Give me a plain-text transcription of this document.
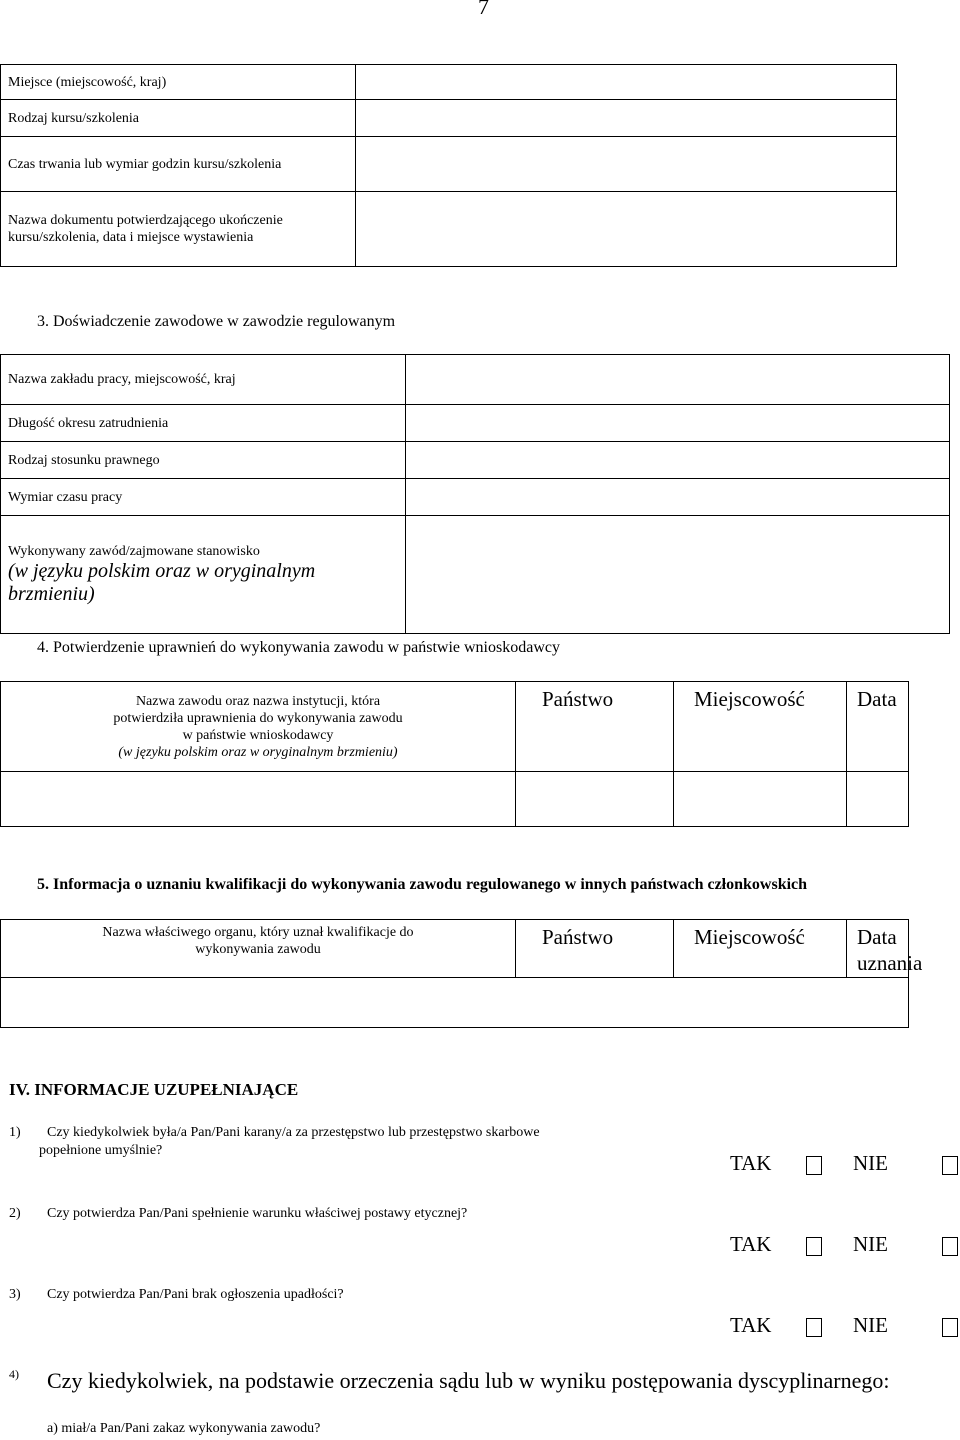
7
Miejsce (miejscowość, kraj)	
Rodzaj kursu/szkolenia	
Czas trwania lub wymiar godzin kursu/szkolenia	
Nazwa dokumentu potwierdzającego ukończenie kursu/szkolenia, data i miejsce wystawienia	
3. Doświadczenie zawodowe w zawodzie regulowanym
Nazwa zakładu pracy, miejscowość, kraj	
Długość okresu zatrudnienia	
Rodzaj stosunku prawnego	
Wymiar czasu pracy	

Wykonywany zawód/zajmowane stanowisko
(w języku polskim oraz w oryginalnym brzmieniu)	

4. Potwierdzenie uprawnień do wykonywania zawodu w państwie wnioskodawcy
Nazwa zawodu oraz nazwa instytucji, która
potwierdziła uprawnienia do wykonywania zawodu
w państwie wnioskodawcy
(w języku polskim oraz w oryginalnym brzmieniu)	Państwo	Miejscowość	Data

5. Informacja o uznaniu kwalifikacji do wykonywania zawodu regulowanego w innych państwach członkowskich
Nazwa właściwego organu, który uznał kwalifikacje do
wykonywania zawodu
	Państwo	Miejscowość	Data
uznania

IV. INFORMACJE UZUPEŁNIAJĄCE
1) Czy kiedykolwiek była/a Pan/Pani karany/a za przestępstwo lub przestępstwo skarbowe
popełnione umyślnie?
TAK	NIE
2) Czy potwierdza Pan/Pani spełnienie warunku właściwej postawy etycznej?
TAK	NIE
3) Czy potwierdza Pan/Pani brak ogłoszenia upadłości?
TAK	NIE
4) Czy kiedykolwiek, na podstawie orzeczenia sądu lub w wyniku postępowania dyscyplinarnego:
a) miał/a Pan/Pani zakaz wykonywania zawodu?
